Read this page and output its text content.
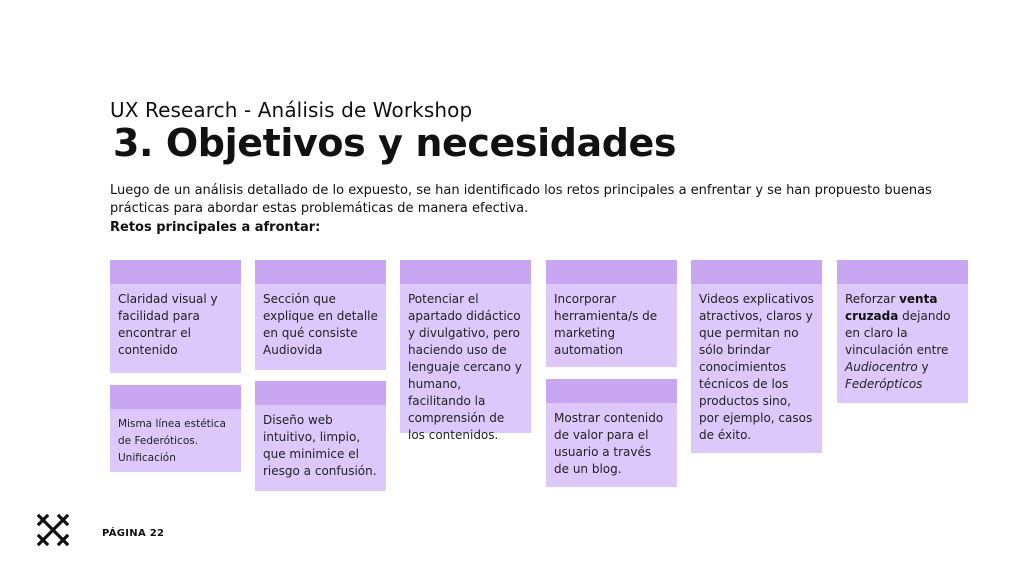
UX Research - Análisis de Workshop
3. Objetivos y necesidades
Luego de un análisis detallado de lo expuesto, se han identificado los retos principales a enfrentar y se han propuesto buenas prácticas para abordar estas problemáticas de manera efectiva.
Retos principales a afrontar:
Claridad visual y facilidad para encontrar el contenido
Misma línea estética de Federóticos. Unificación
Sección que explique en detalle en qué consiste Audiovida
Diseño web intuitivo, limpio, que minimice el riesgo a confusión.
Potenciar el apartado didáctico y divulgativo, pero haciendo uso de lenguaje cercano y humano, facilitando la comprensión de los contenidos.
Incorporar herramienta/s de marketing automation
Mostrar contenido de valor para el usuario a través de un blog.
Videos explicativos atractivos, claros y que permitan no sólo brindar conocimientos técnicos de los productos sino, por ejemplo, casos de éxito.
Reforzar venta cruzada dejando en claro la vinculación entre Audiocentro y Federópticos
PÁGINA 22
